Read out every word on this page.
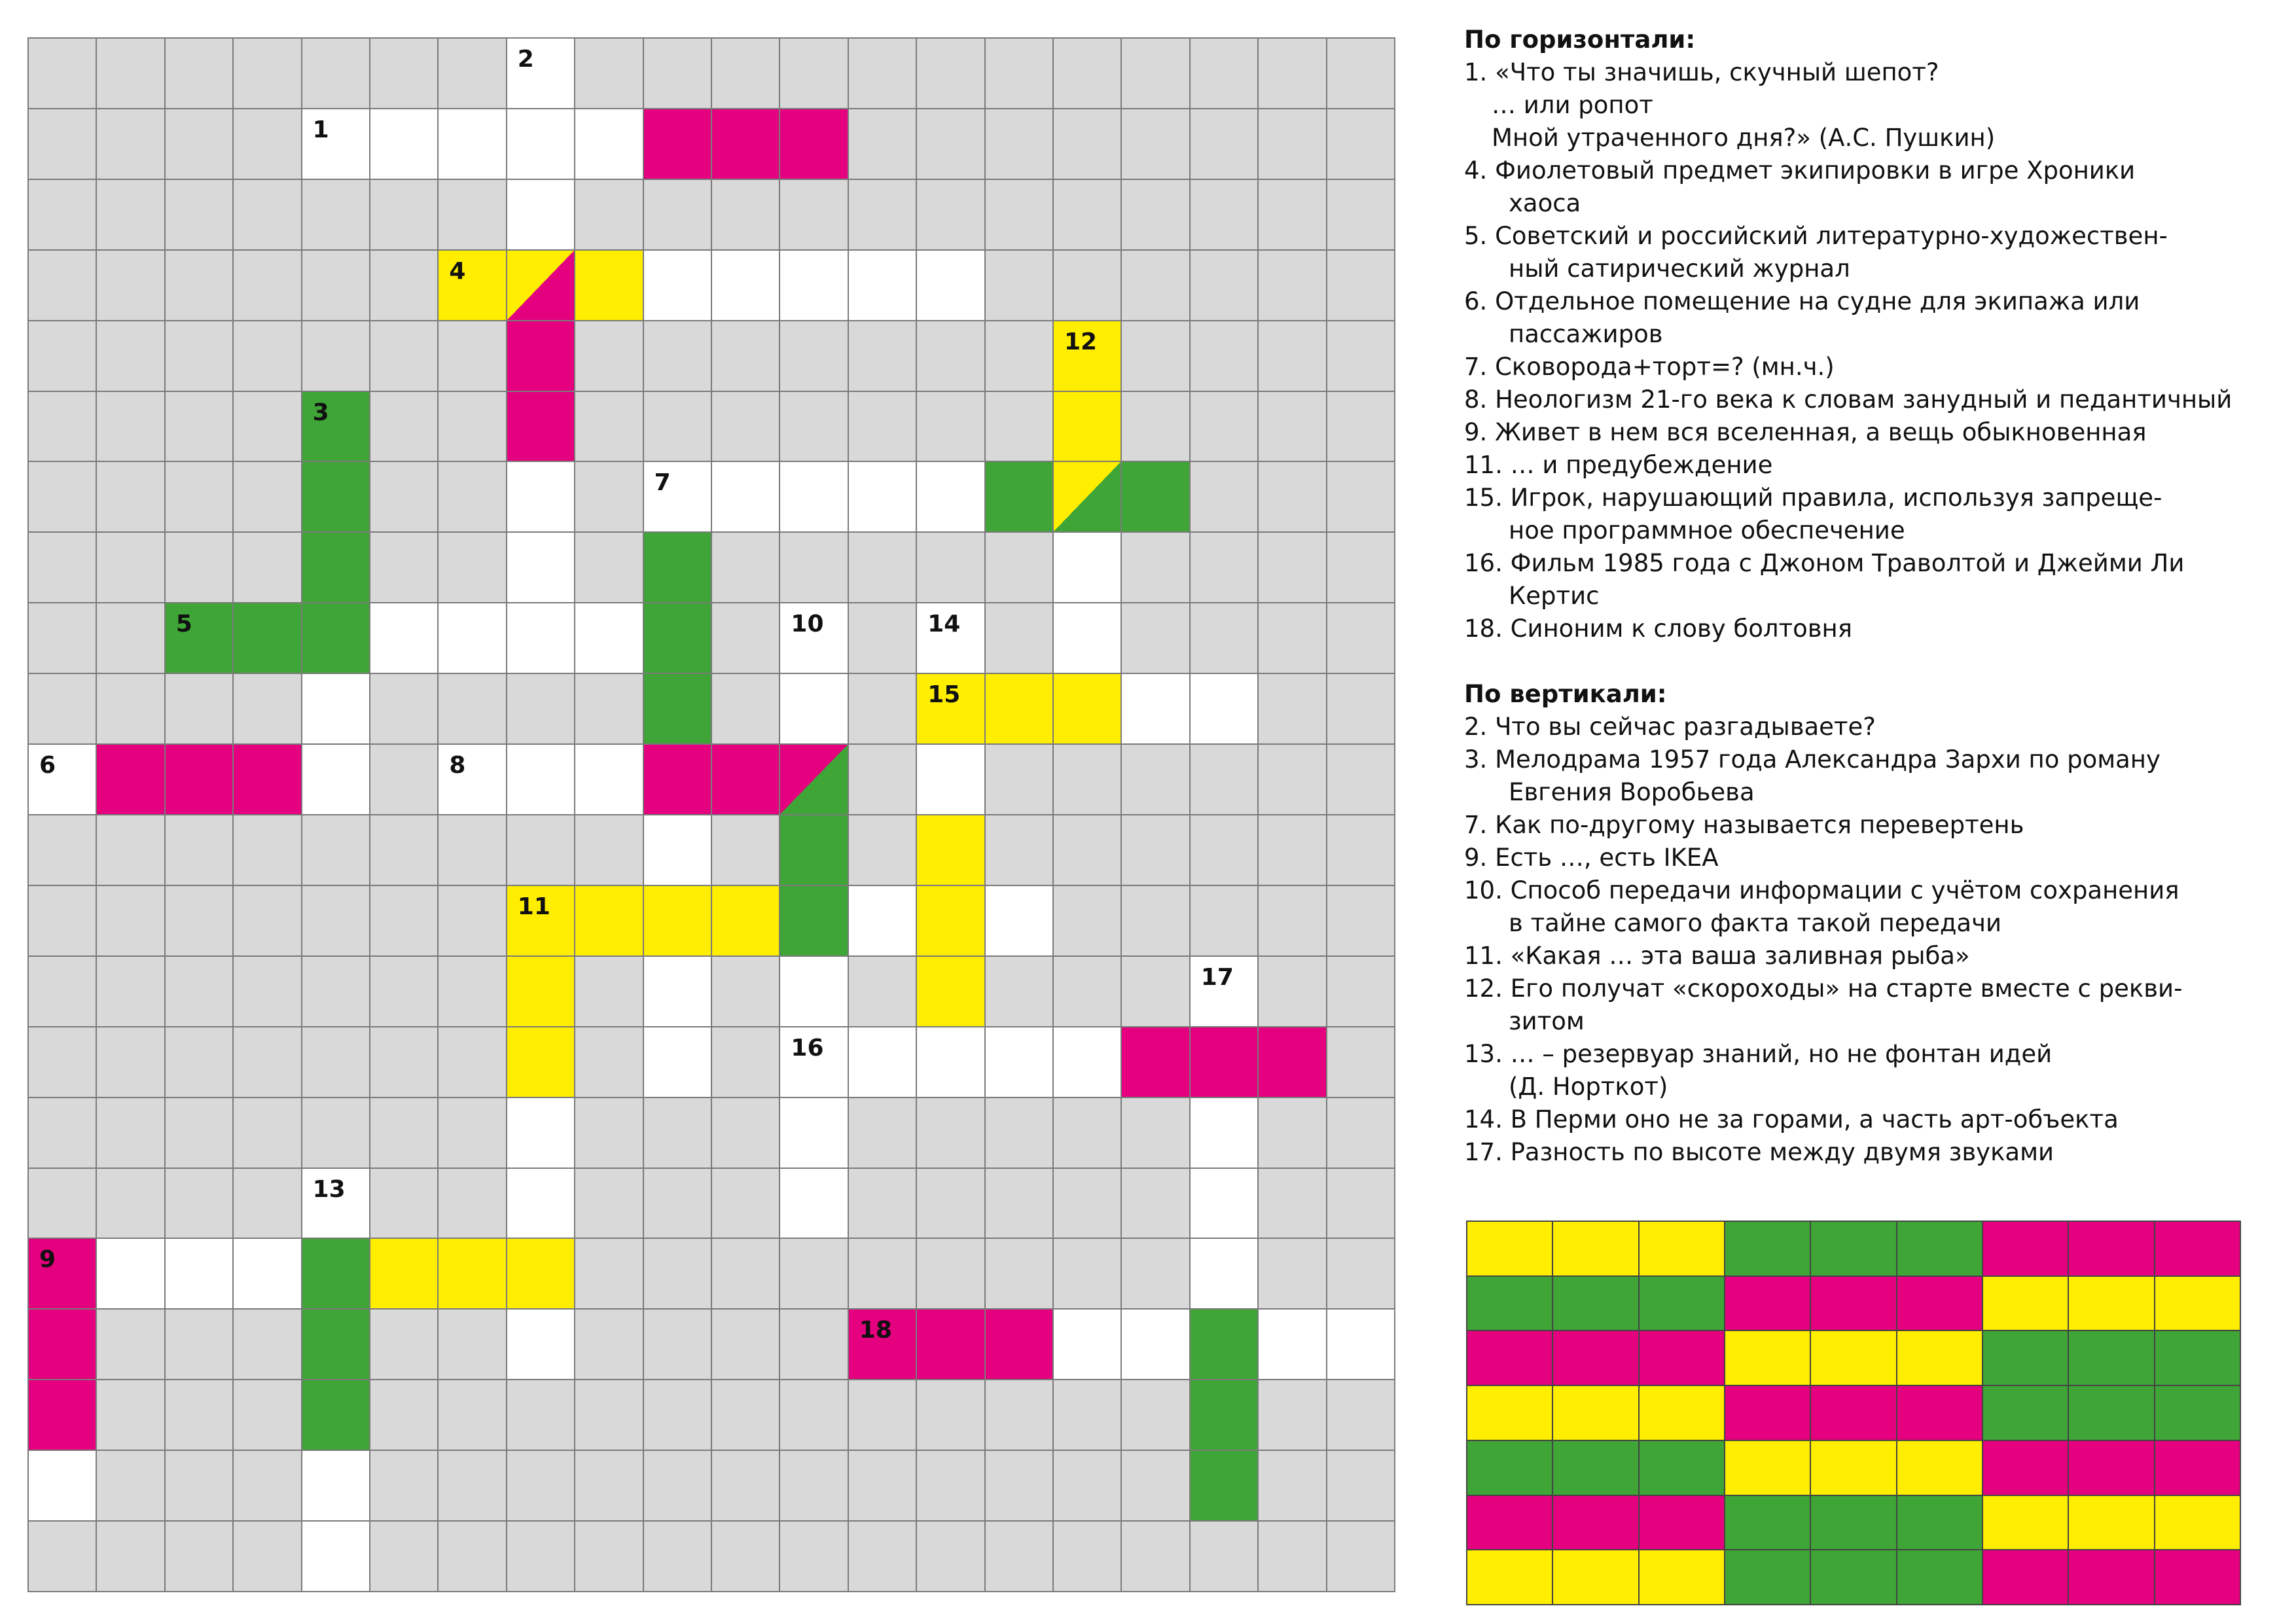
2
1
4
12
3
7
5	10	14
15
6	8
11
17
16
13
9
18

По горизонтали:

1. «Что ты значишь, скучный шепот?
… или ропот
Мной утраченного дня?» (А.С. Пушкин)
4. Фиолетовый предмет экипировки в игре Хроники
хаоса
5. Советский и российский литературно-художествен-
ный сатирический журнал
6. Отдельное помещение на судне для экипажа или
пассажиров
7. Сковорода+торт=? (мн.ч.)
8. Неологизм 21-го века к словам занудный и педантичный
9. Живет в нем вся вселенная, а вещь обыкновенная
11. … и предубеждение
15. Игрок, нарушающий правила, используя запреще-
ное программное обеспечение
16. Фильм 1985 года с Джоном Траволтой и Джейми Ли
Кертис
18. Синоним к слову болтовня

По вертикали:

2. Что вы сейчас разгадываете?
3. Мелодрама 1957 года Александра Зархи по роману
Евгения Воробьева
7. Как по-другому называется перевертень
9. Есть …, есть IKEA
10. Способ передачи информации с учётом сохранения
в тайне самого факта такой передачи
11. «Какая … эта ваша заливная рыба»
12. Его получат «скороходы» на старте вместе с рекви-
зитом
13. … – резервуар знаний, но не фонтан идей
(Д. Норткот)
14. В Перми оно не за горами, а часть арт-объекта
17. Разность по высоте между двумя звуками
